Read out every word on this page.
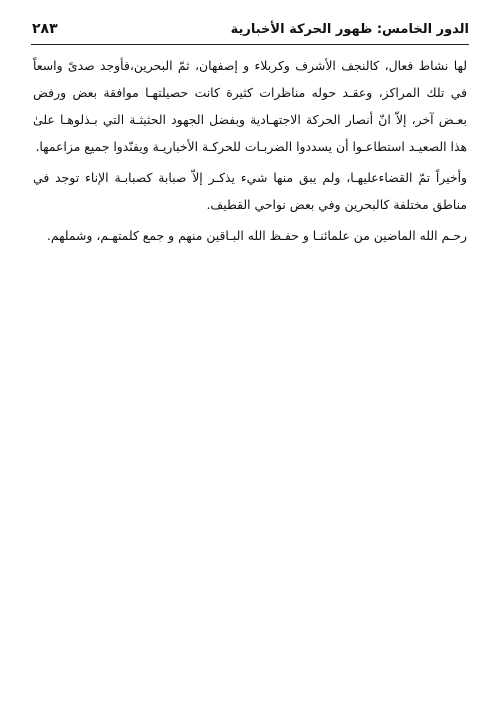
الدور الخامس: ظهور الحركة الأخبارية
٢٨٣

لها نشاط فعال، كالنجف الأشرف وكربلاء و إصفهان، ثمّ البحرين،فأوجد صدىً واسعاً في تلك المراكز، وعقـد حوله مناظرات كثيرة كانت حصيلتهـا موافقة بعض ورفض بعـض آخر، إلاّ انّ أنصار الحركة الاجتهـادية وبفضل الجهود الحثيثـة التي بـذلوهـا علىٰ هذا الصعيـد استطاعـوا أن يسددوا الضربـات للحركـة الأخباريـة ويفنّدوا جميع مزاعمها.

وأخيراً تمّ القضاءعليهـا، ولم يبق منها شيء يذكـر إلاّ صبابة كصبابـة الإناء توجد في مناطق مختلفة كالبحرين وفي بعض نواحي القطيف.

رحـم الله الماضين من علمائنـا و حفـظ الله البـاقين منهم و جمع كلمتهـم، وشملهم.
